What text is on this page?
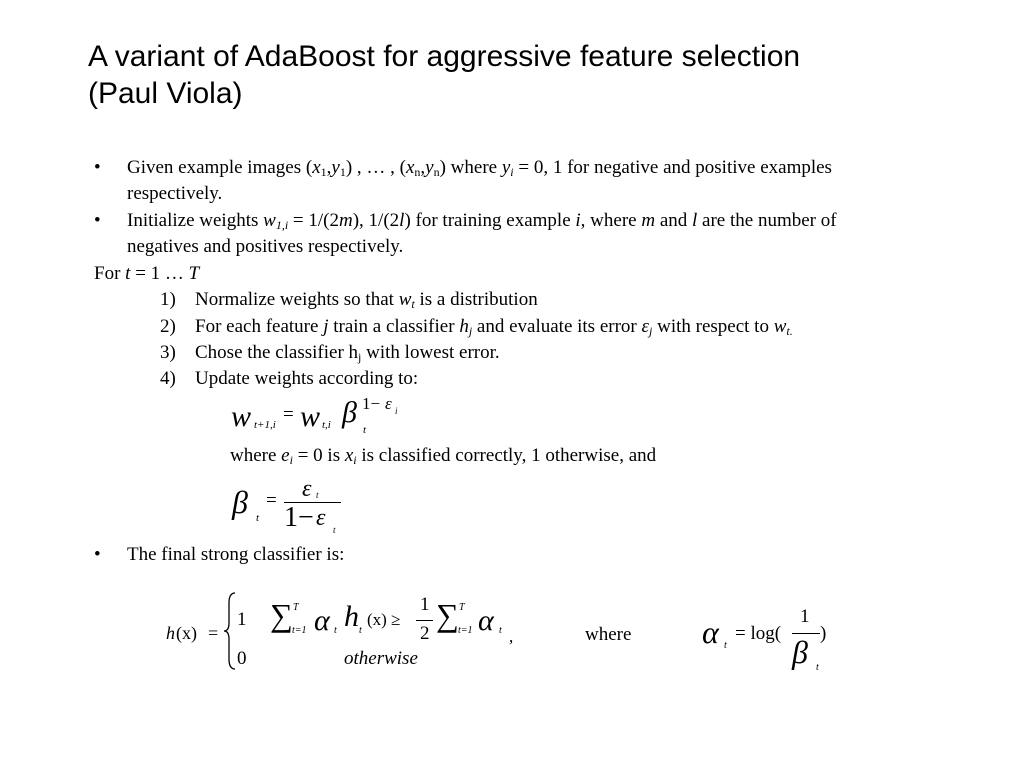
A variant of AdaBoost for aggressive feature selection
(Paul Viola)
•	Given example images $(x_1,y_1)$ , … , $(x_n,y_n)$ where $y_i = 0$, 1 for negative and positive examples respectively.
•	Initialize weights $w_{1,i} = 1/(2m)$, 1/(2l) for training example i, where m and l are the number of negatives and positives respectively.
For t = 1 … T
1)	Normalize weights so that $w_t$ is a distribution
2)	For each feature j train a classifier $h_j$ and evaluate its error $\varepsilon_j$ with respect to $w_{t.}$
3)	Chose the classifier $h_j$ with lowest error.
4)	Update weights according to:
w t+1,i = w t,i β
t
1− ε i
where $e_i = 0$ is $x_i$ is classified correctly, 1 otherwise, and
β t
= ε t
1− ε t
•	The final strong classifier is:
h (x) =
1 ∑ T
t=1 α t h t
(x) ≥
1
2
∑ T
t=1 α t ,
0	otherwise
where α t
= log(
1
)
β t
